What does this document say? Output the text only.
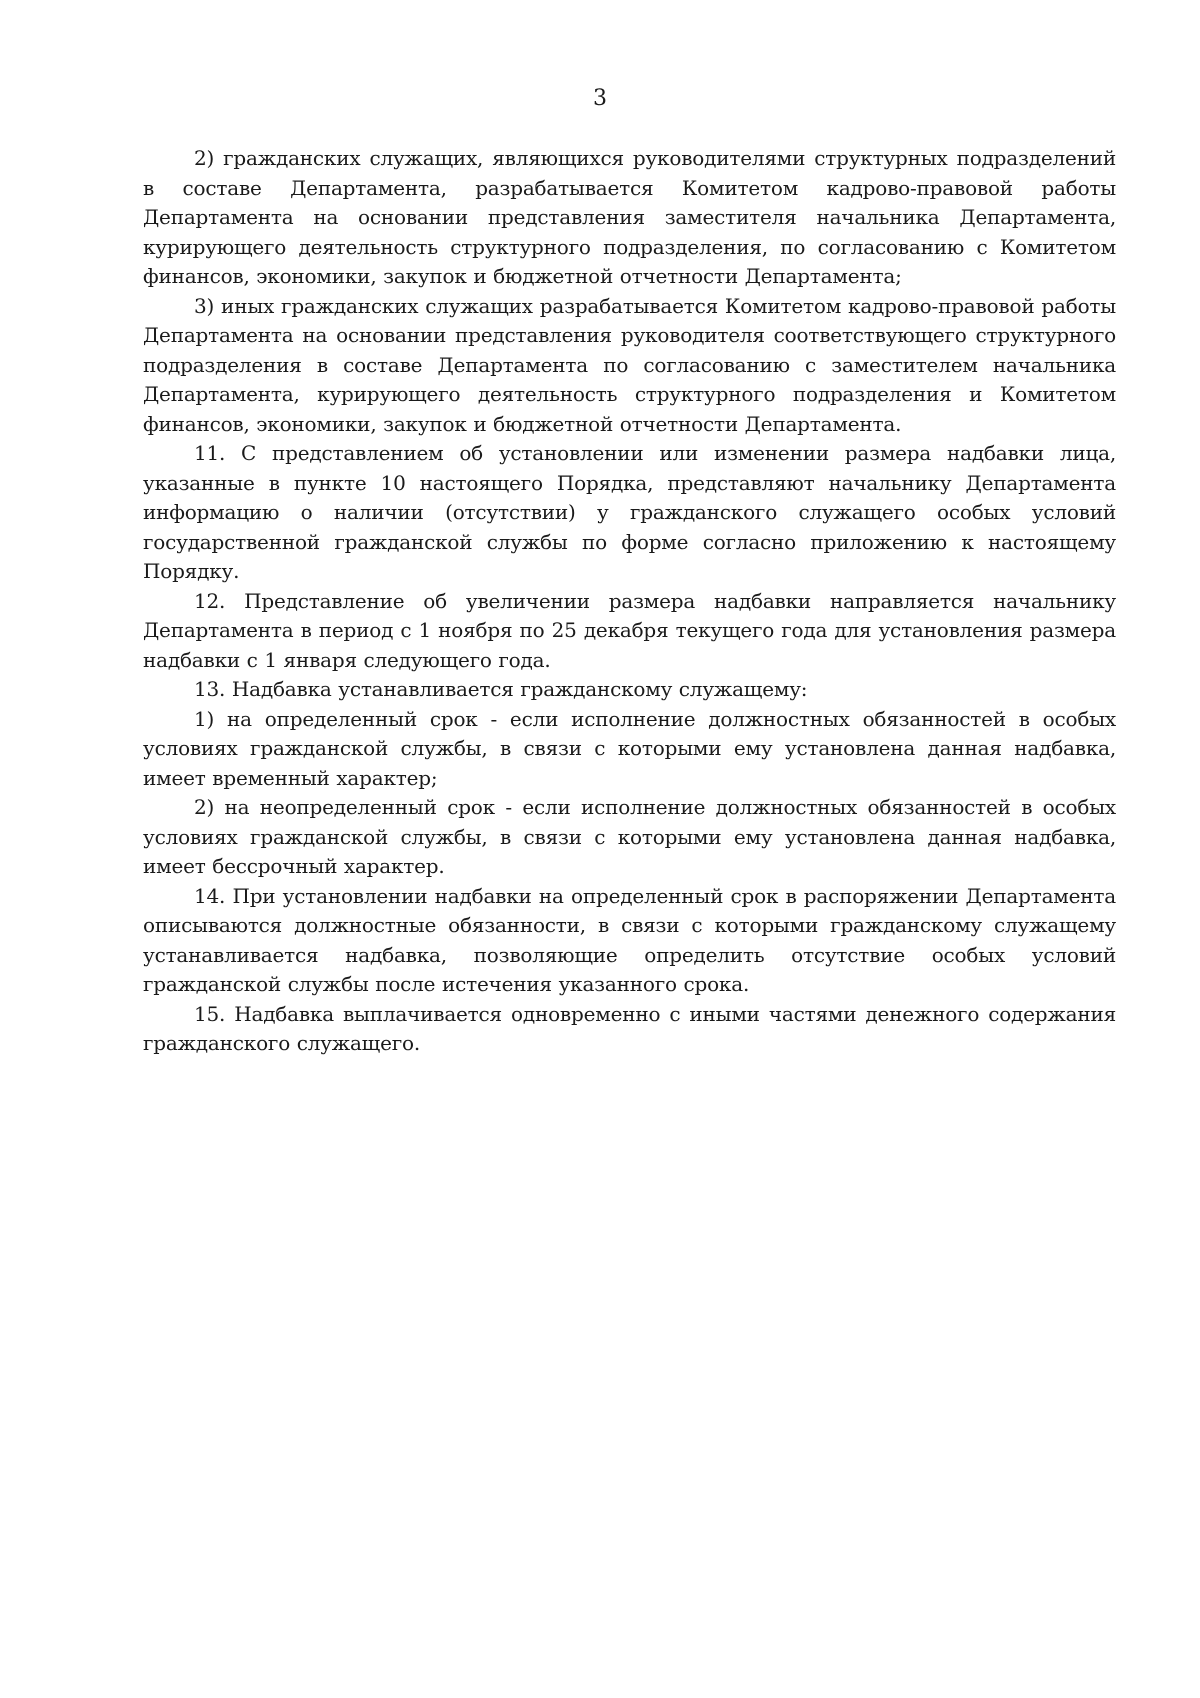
3

2) гражданских служащих, являющихся руководителями структурных подразделений в составе Департамента, разрабатывается Комитетом кадрово-правовой работы Департамента на основании представления заместителя начальника Департамента, курирующего деятельность структурного подразделения, по согласованию с Комитетом финансов, экономики, закупок и бюджетной отчетности Департамента;

3) иных гражданских служащих разрабатывается Комитетом кадрово-правовой работы Департамента на основании представления руководителя соответствующего структурного подразделения в составе Департамента по согласованию с заместителем начальника Департамента, курирующего деятельность структурного подразделения и Комитетом финансов, экономики, закупок и бюджетной отчетности Департамента.

11. С представлением об установлении или изменении размера надбавки лица, указанные в пункте 10 настоящего Порядка, представляют начальнику Департамента информацию о наличии (отсутствии) у гражданского служащего особых условий государственной гражданской службы по форме согласно приложению к настоящему Порядку.

12. Представление об увеличении размера надбавки направляется начальнику Департамента в период с 1 ноября по 25 декабря текущего года для установления размера надбавки с 1 января следующего года.

13. Надбавка устанавливается гражданскому служащему:

1) на определенный срок - если исполнение должностных обязанностей в особых условиях гражданской службы, в связи с которыми ему установлена данная надбавка, имеет временный характер;

2) на неопределенный срок - если исполнение должностных обязанностей в особых условиях гражданской службы, в связи с которыми ему установлена данная надбавка, имеет бессрочный характер.

14. При установлении надбавки на определенный срок в распоряжении Департамента описываются должностные обязанности, в связи с которыми гражданскому служащему устанавливается надбавка, позволяющие определить отсутствие особых условий гражданской службы после истечения указанного срока.

15. Надбавка выплачивается одновременно с иными частями денежного содержания гражданского служащего.
